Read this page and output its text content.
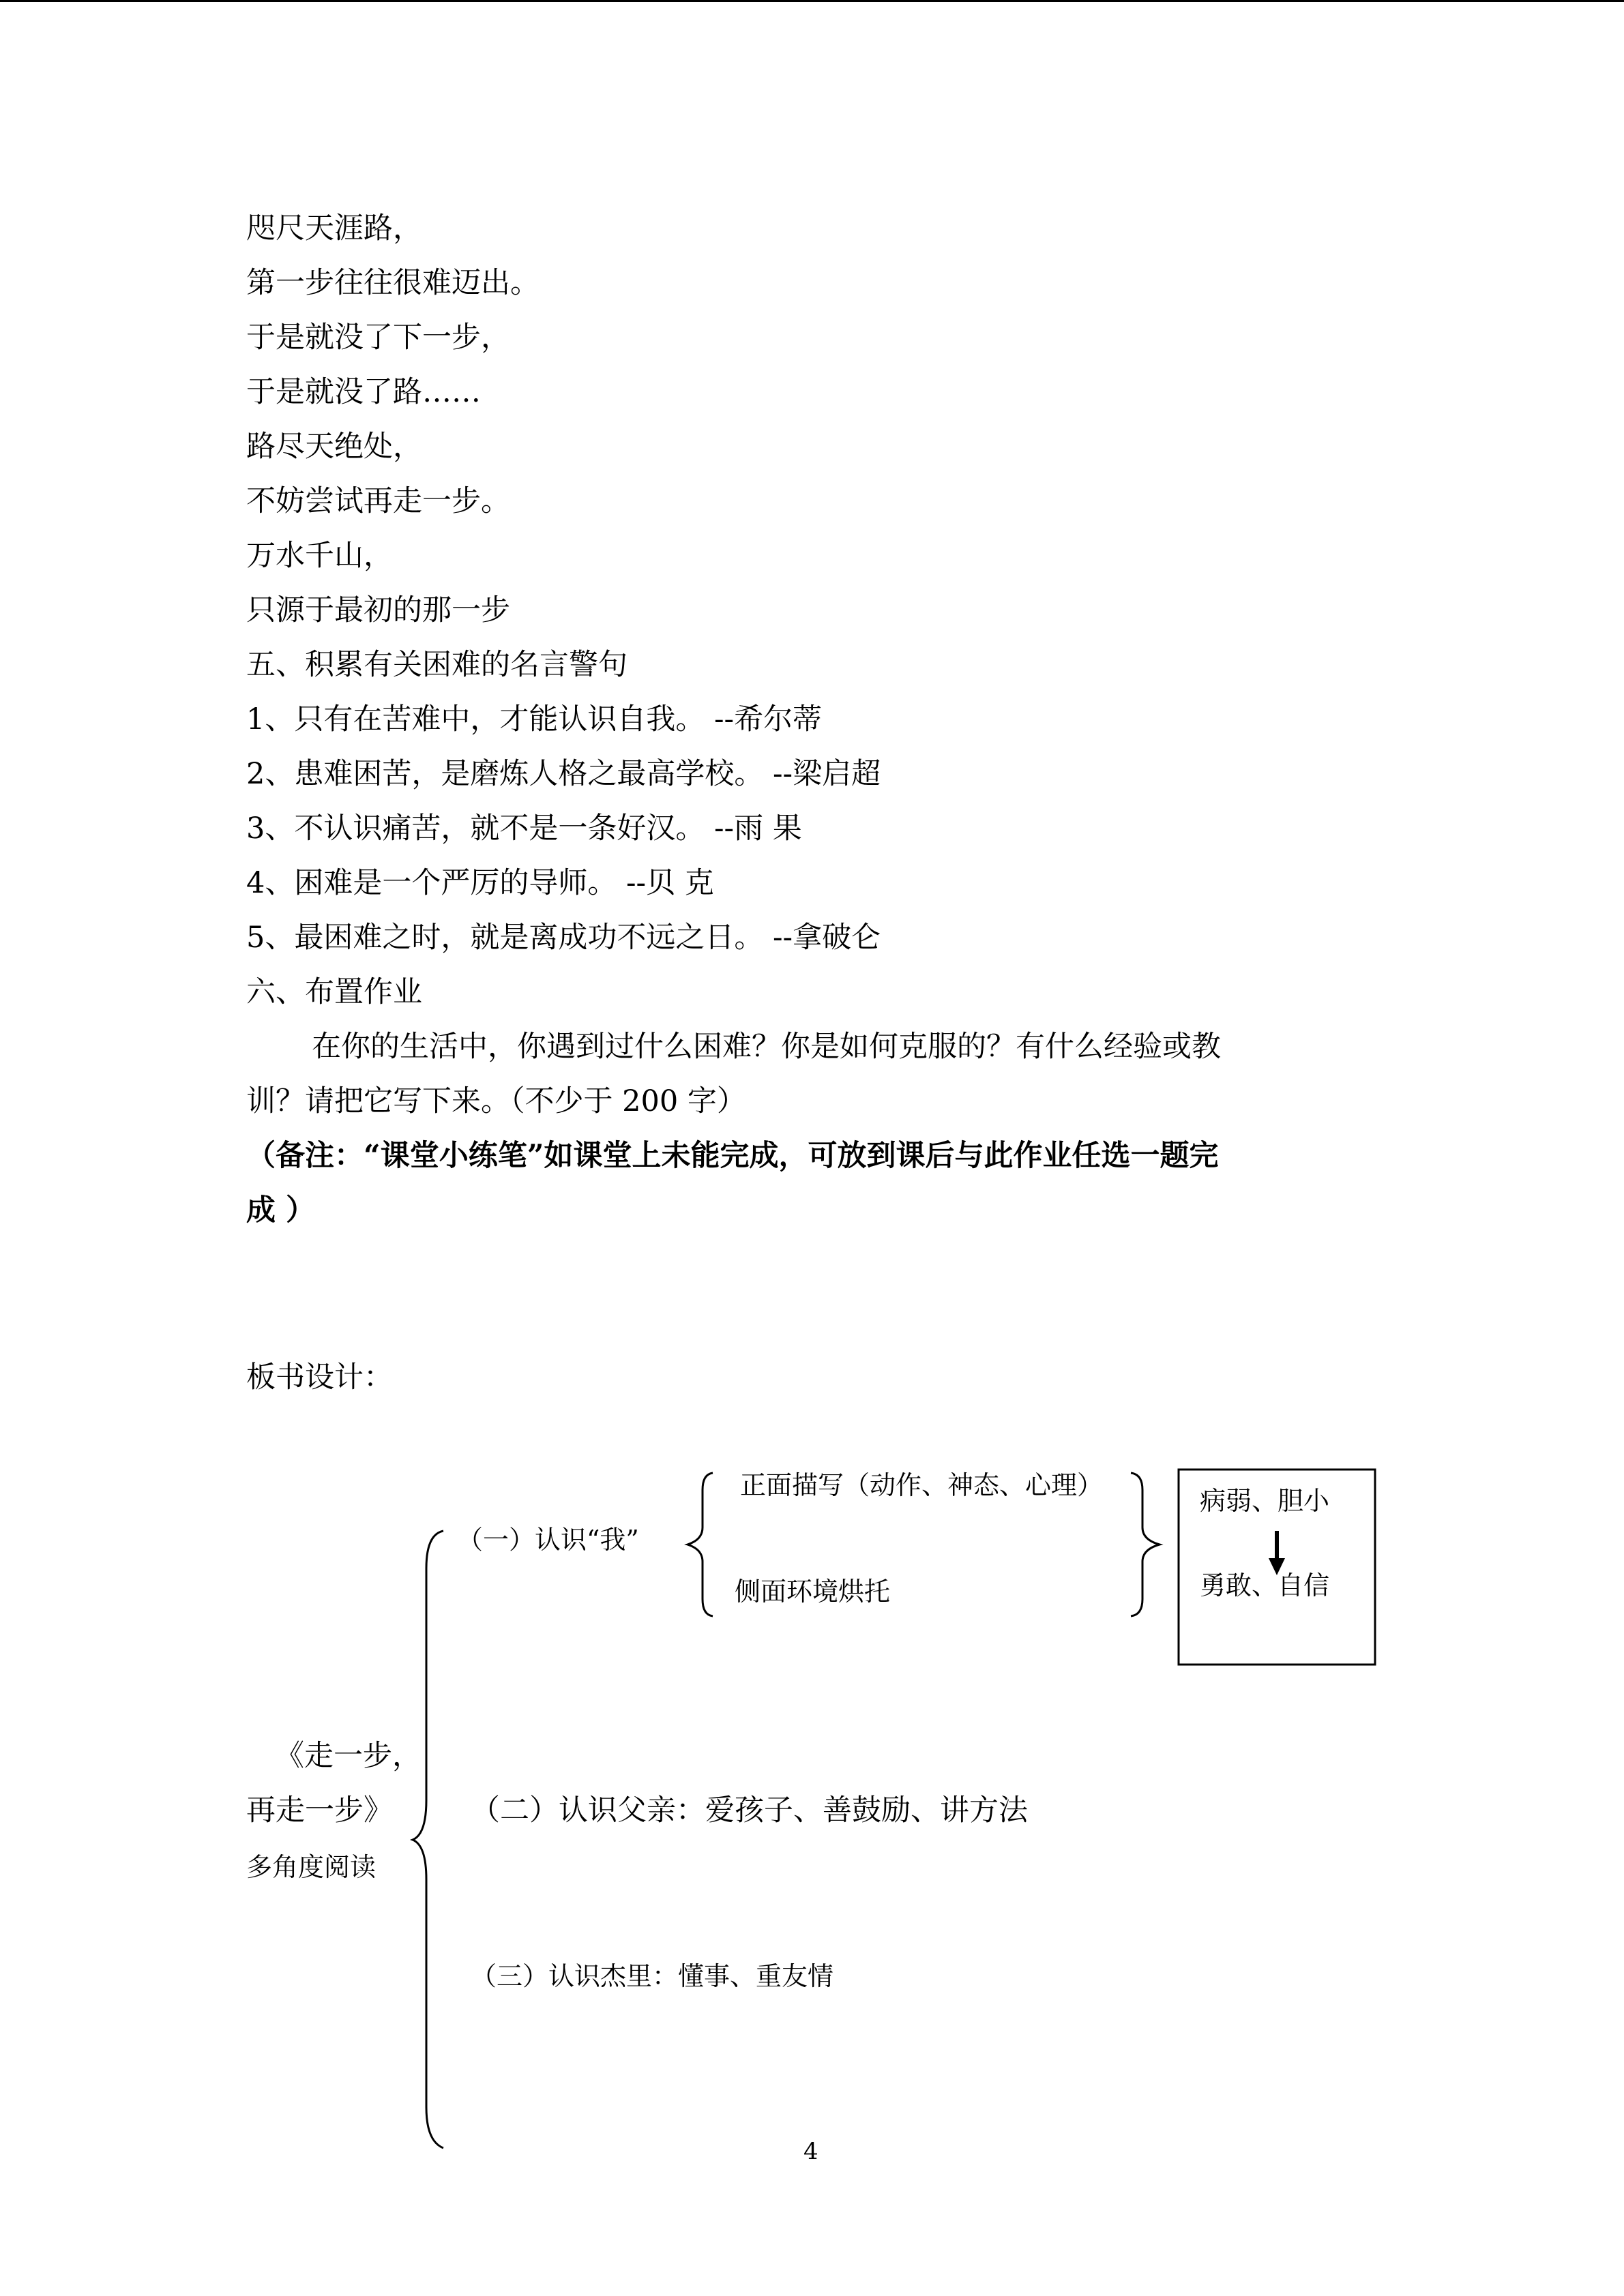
咫尺天涯路，
第一步往往很难迈出。
于是就没了下一步，
于是就没了路……
路尽天绝处，
不妨尝试再走一步。
万水千山，
只源于最初的那一步
五、积累有关困难的名言警句
1、只有在苦难中，才能认识自我。 --希尔蒂
2、患难困苦，是磨炼人格之最高学校。 --梁启超
3、不认识痛苦，就不是一条好汉。 --雨 果
4、困难是一个严厉的导师。 --贝 克
5、最困难之时，就是离成功不远之日。 --拿破仑
六、布置作业
在你的生活中，你遇到过什么困难？你是如何克服的？有什么经验或教
训？请把它写下来。（不少于 200 字）
（备注：“课堂小练笔”如课堂上未能完成，可放到课后与此作业任选一题完
成 ）
板书设计：
正面描写（动作、神态、心理）
侧面环境烘托
（一）认识“我”
病弱、胆小
勇敢、自信
《走一步，
再走一步》
多角度阅读
（二）认识父亲：爱孩子、善鼓励、讲方法
（三）认识杰里：懂事、重友情
4
